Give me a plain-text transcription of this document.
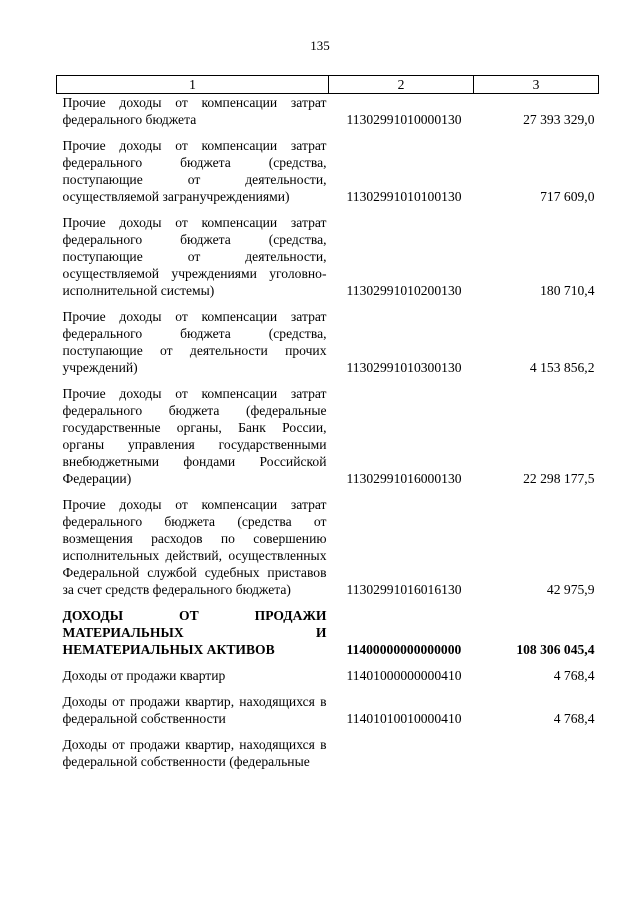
135
1	2	3
Прочие доходы от компенсации затрат федерального бюджета	11302991010000130	27 393 329,0
Прочие доходы от компенсации затрат федерального бюджета (средства, поступающие от деятельности, осуществляемой загранучреждениями)	11302991010100130	717 609,0
Прочие доходы от компенсации затрат федерального бюджета (средства, поступающие от деятельности, осуществляемой учреждениями уголовно-исполнительной системы)	11302991010200130	180 710,4
Прочие доходы от компенсации затрат федерального бюджета (средства, поступающие от деятельности прочих учреждений)	11302991010300130	4 153 856,2
Прочие доходы от компенсации затрат федерального бюджета (федеральные государственные органы, Банк России, органы управления государственными внебюджетными фондами Российской Федерации)	11302991016000130	22 298 177,5
Прочие доходы от компенсации затрат федерального бюджета (средства от возмещения расходов по совершению исполнительных действий, осуществленных Федеральной службой судебных приставов за счет средств федерального бюджета)	11302991016016130	42 975,9
ДОХОДЫ ОТ ПРОДАЖИ МАТЕРИАЛЬНЫХ И НЕМАТЕРИАЛЬНЫХ АКТИВОВ	11400000000000000	108 306 045,4
Доходы от продажи квартир	11401000000000410	4 768,4
Доходы от продажи квартир, находящихся в федеральной собственности	11401010010000410	4 768,4
Доходы от продажи квартир, находящихся в федеральной собственности (федеральные		
